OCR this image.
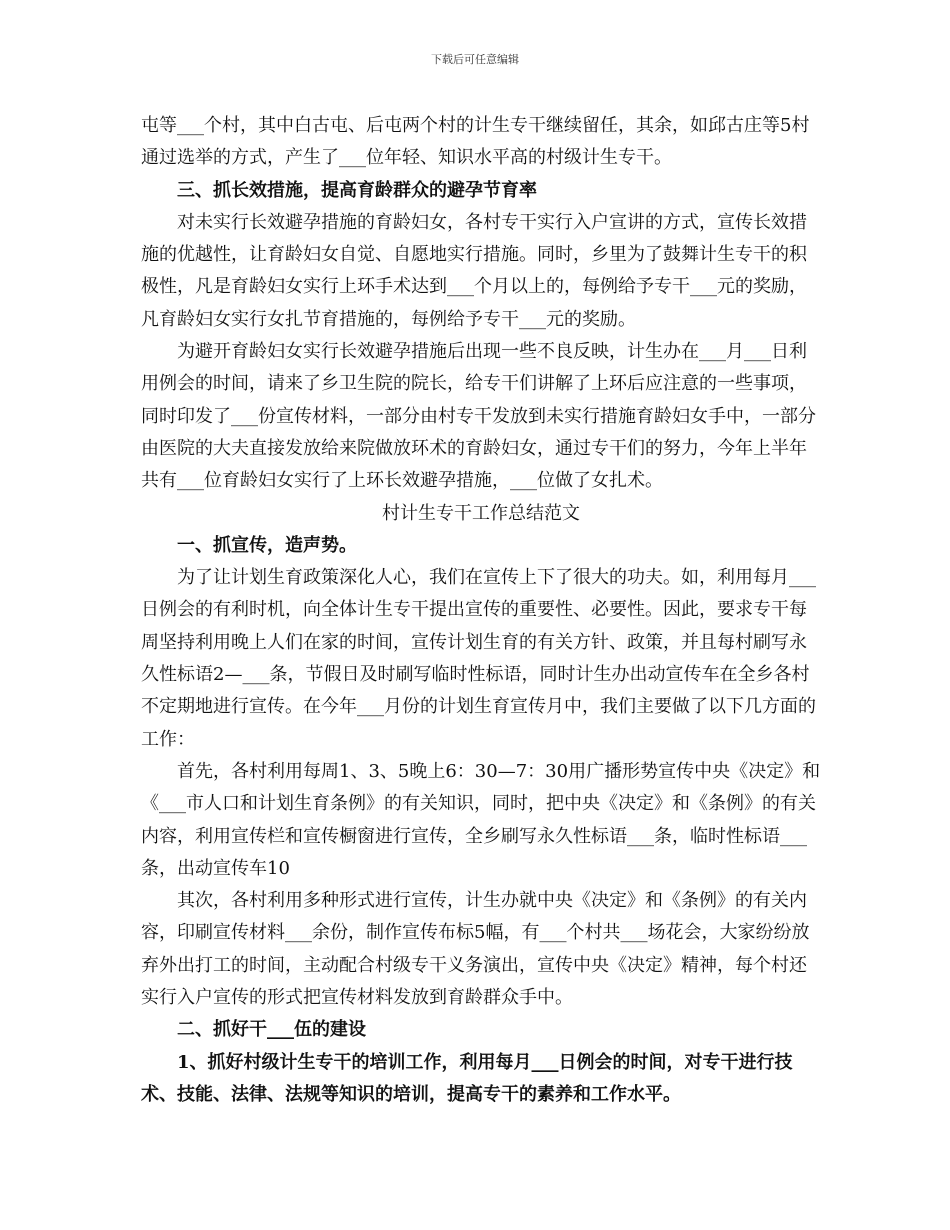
下载后可任意编辑

屯等___个村，其中白古屯、后屯两个村的计生专干继续留任，其余，如邱古庄等5村通过选举的方式，产生了___位年轻、知识水平高的村级计生专干。

三、抓长效措施，提高育龄群众的避孕节育率

对未实行长效避孕措施的育龄妇女，各村专干实行入户宣讲的方式，宣传长效措施的优越性，让育龄妇女自觉、自愿地实行措施。同时，乡里为了鼓舞计生专干的积极性，凡是育龄妇女实行上环手术达到___个月以上的，每例给予专干___元的奖励，凡育龄妇女实行女扎节育措施的，每例给予专干___元的奖励。

为避开育龄妇女实行长效避孕措施后出现一些不良反映，计生办在___月___日利用例会的时间，请来了乡卫生院的院长，给专干们讲解了上环后应注意的一些事项，同时印发了___份宣传材料，一部分由村专干发放到未实行措施育龄妇女手中，一部分由医院的大夫直接发放给来院做放环术的育龄妇女，通过专干们的努力，今年上半年共有___位育龄妇女实行了上环长效避孕措施，___位做了女扎术。

村计生专干工作总结范文

一、抓宣传，造声势。

为了让计划生育政策深化人心，我们在宣传上下了很大的功夫。如，利用每月___日例会的有利时机，向全体计生专干提出宣传的重要性、必要性。因此，要求专干每周坚持利用晚上人们在家的时间，宣传计划生育的有关方针、政策，并且每村刷写永久性标语2—___条，节假日及时刷写临时性标语，同时计生办出动宣传车在全乡各村不定期地进行宣传。在今年___月份的计划生育宣传月中，我们主要做了以下几方面的工作：

首先，各村利用每周1、3、5晚上6：30—7：30用广播形势宣传中央《决定》和《___市人口和计划生育条例》的有关知识，同时，把中央《决定》和《条例》的有关内容，利用宣传栏和宣传橱窗进行宣传，全乡刷写永久性标语___条，临时性标语___条，出动宣传车10

其次，各村利用多种形式进行宣传，计生办就中央《决定》和《条例》的有关内容，印刷宣传材料___余份，制作宣传布标5幅，有___个村共___场花会，大家纷纷放弃外出打工的时间，主动配合村级专干义务演出，宣传中央《决定》精神，每个村还实行入户宣传的形式把宣传材料发放到育龄群众手中。

二、抓好干___伍的建设

1、抓好村级计生专干的培训工作，利用每月___日例会的时间，对专干进行技术、技能、法律、法规等知识的培训，提高专干的素养和工作水平。
